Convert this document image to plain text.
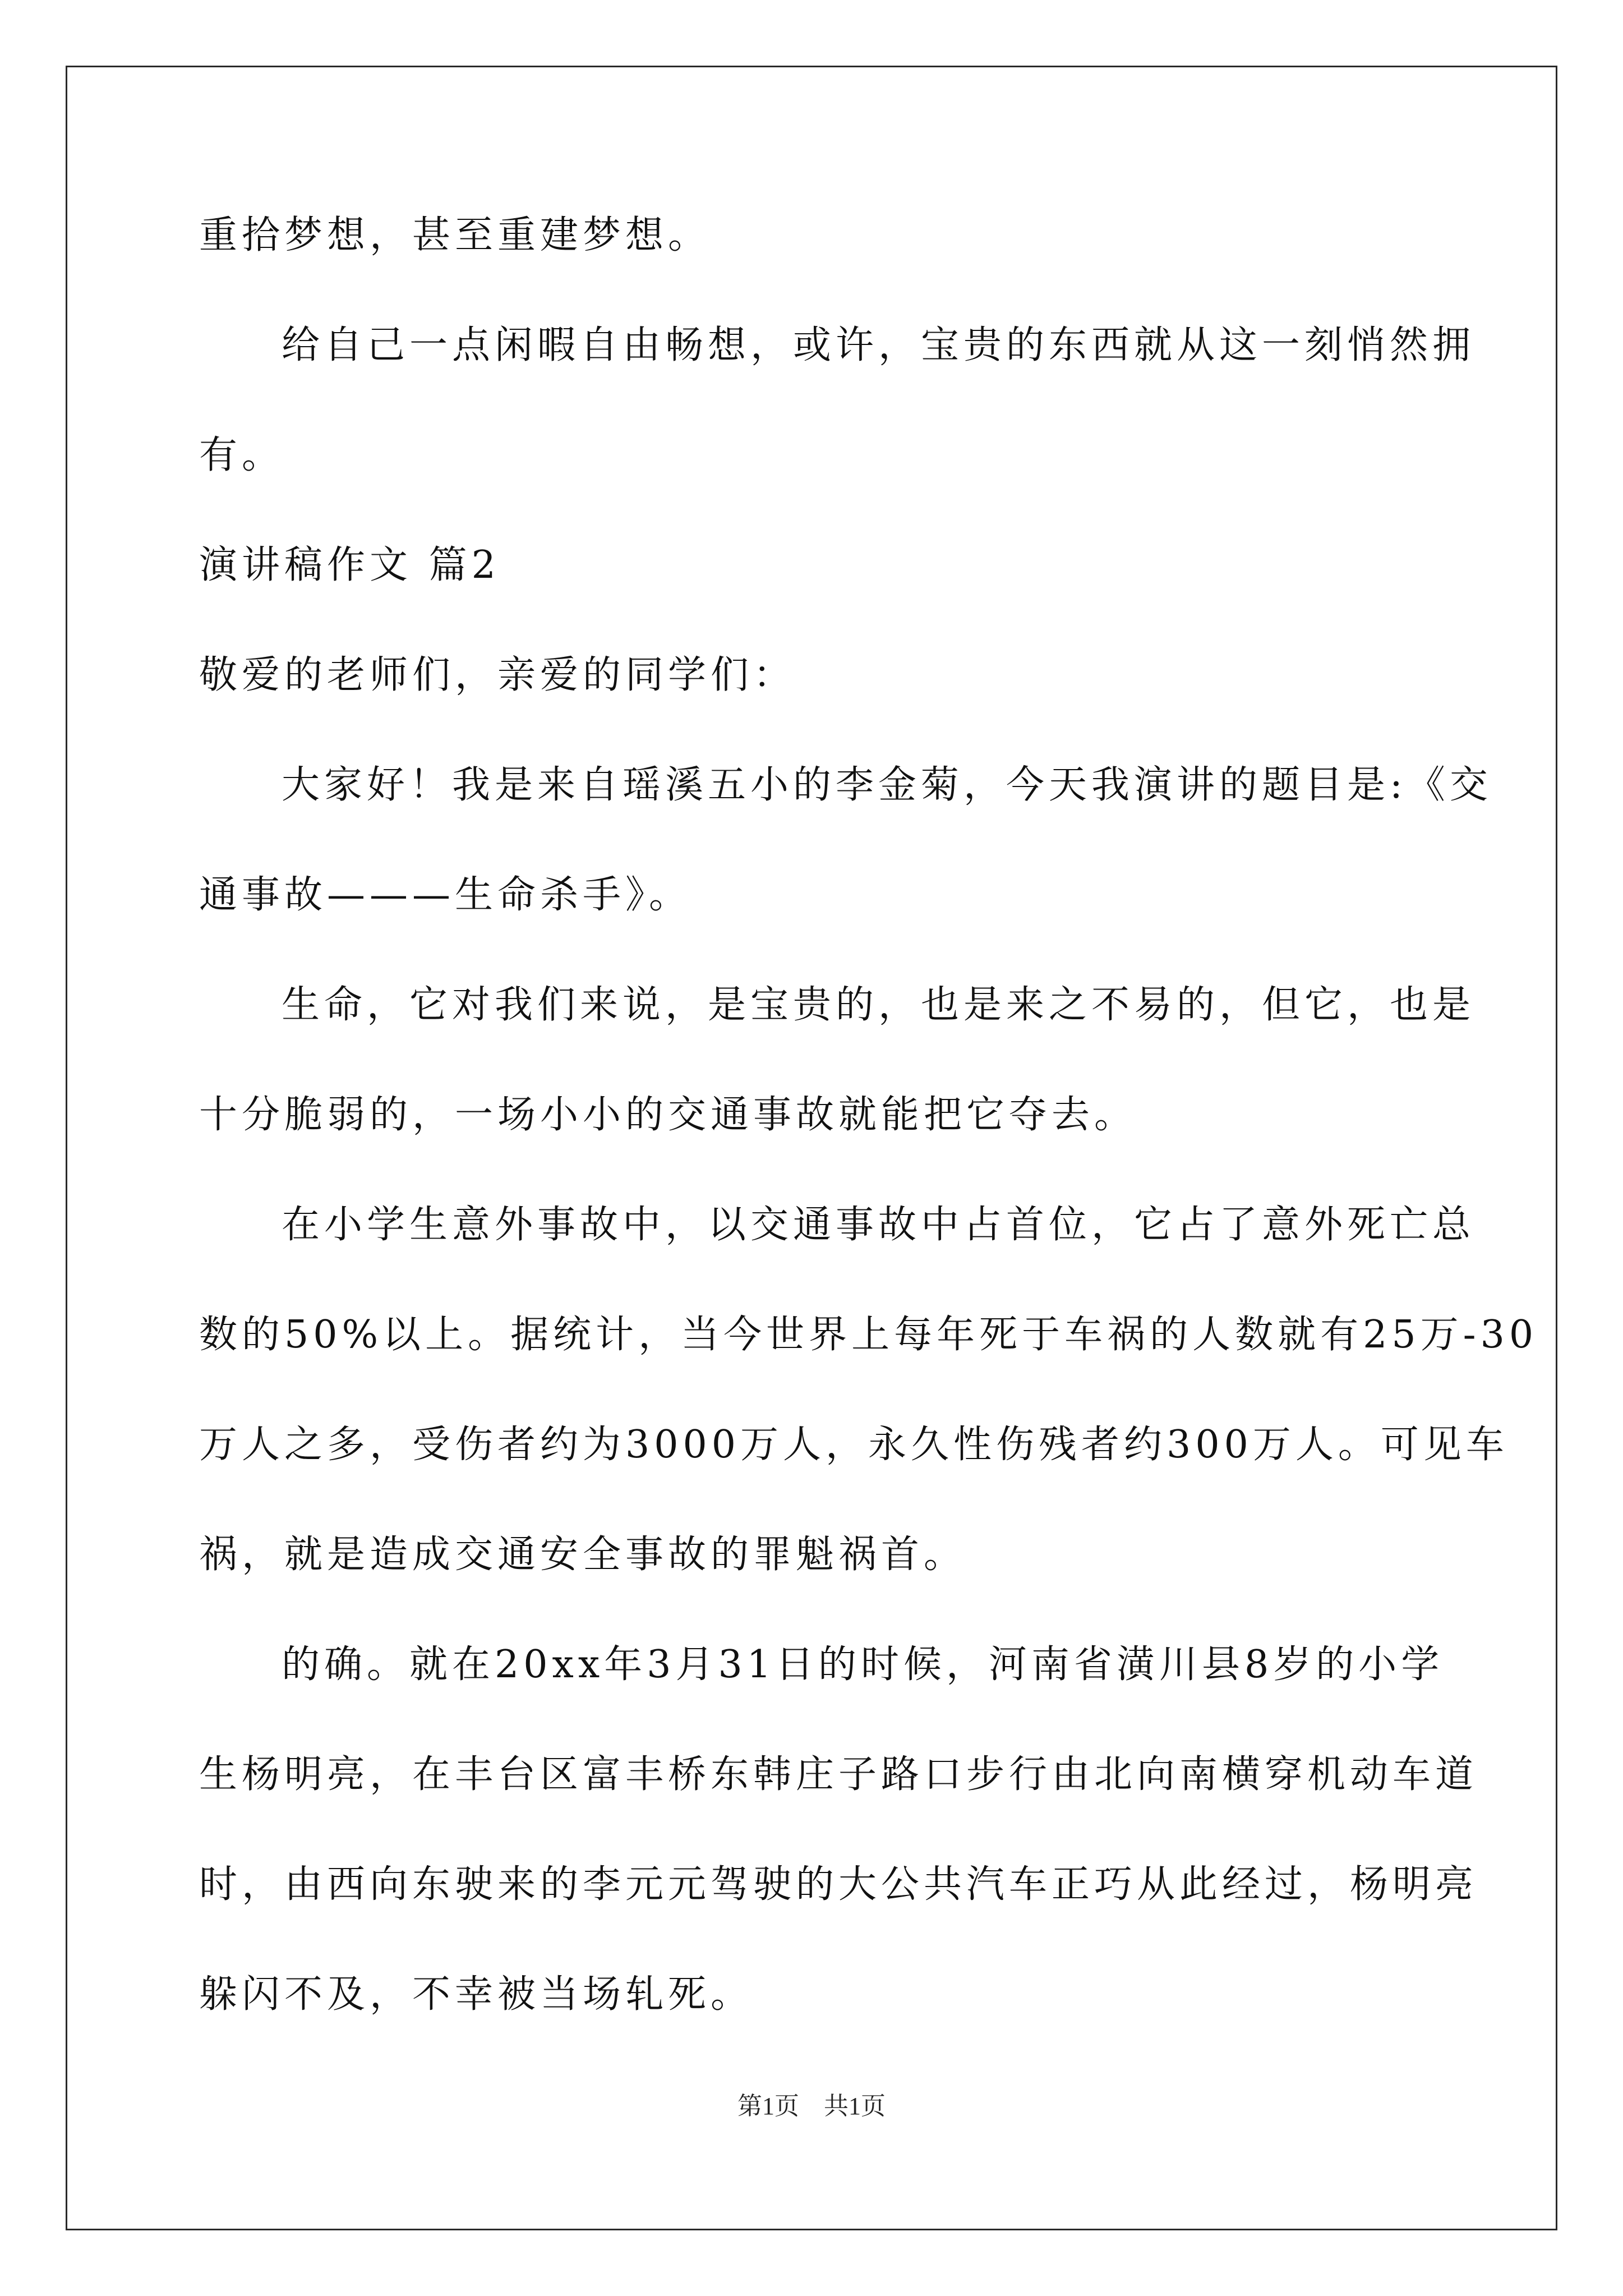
重拾梦想，甚至重建梦想。
给自己一点闲暇自由畅想，或许，宝贵的东西就从这一刻悄然拥
有。
演讲稿作文 篇2
敬爱的老师们，亲爱的同学们：
大家好！我是来自瑶溪五小的李金菊，今天我演讲的题目是:《交
通事故———生命杀手》。
生命，它对我们来说，是宝贵的，也是来之不易的，但它，也是
十分脆弱的，一场小小的交通事故就能把它夺去。
在小学生意外事故中，以交通事故中占首位，它占了意外死亡总
数的50%以上。据统计，当今世界上每年死于车祸的人数就有25万-30
万人之多，受伤者约为3000万人，永久性伤残者约300万人。可见车
祸，就是造成交通安全事故的罪魁祸首。
的确。就在20xx年3月31日的时候，河南省潢川县8岁的小学
生杨明亮，在丰台区富丰桥东韩庄子路口步行由北向南横穿机动车道
时，由西向东驶来的李元元驾驶的大公共汽车正巧从此经过，杨明亮
躲闪不及，不幸被当场轧死。
第1页　共1页
